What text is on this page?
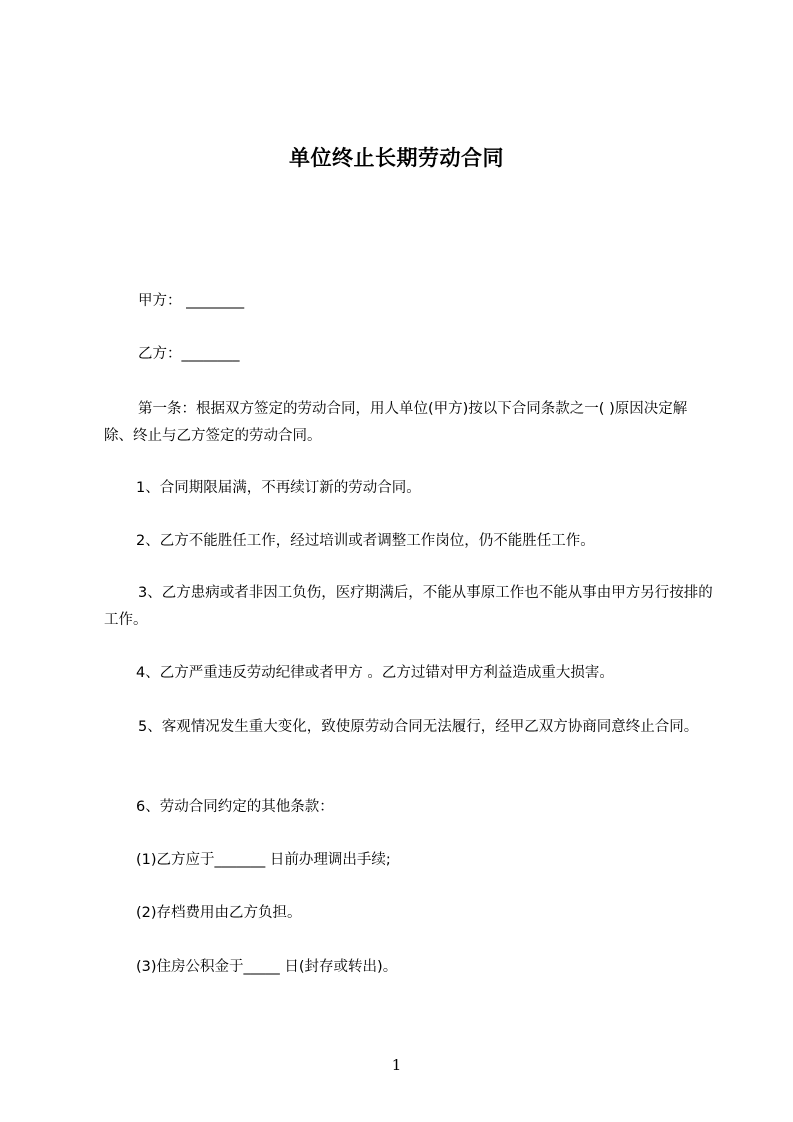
单位终止长期劳动合同
甲方： ________
乙方：________
第一条：根据双方签定的劳动合同，用人单位(甲方)按以下合同条款之一( )原因决定解除、终止与乙方签定的劳动合同。
1、合同期限届满，不再续订新的劳动合同。
2、乙方不能胜任工作，经过培训或者调整工作岗位，仍不能胜任工作。
3、乙方患病或者非因工负伤，医疗期满后，不能从事原工作也不能从事由甲方另行按排的工作。
4、乙方严重违反劳动纪律或者甲方 。乙方过错对甲方利益造成重大损害。
5、客观情况发生重大变化，致使原劳动合同无法履行，经甲乙双方协商同意终止合同。
6、劳动合同约定的其他条款：
(1)乙方应于_______ 日前办理调出手续;
(2)存档费用由乙方负担。
(3)住房公积金于_____ 日(封存或转出)。
1
